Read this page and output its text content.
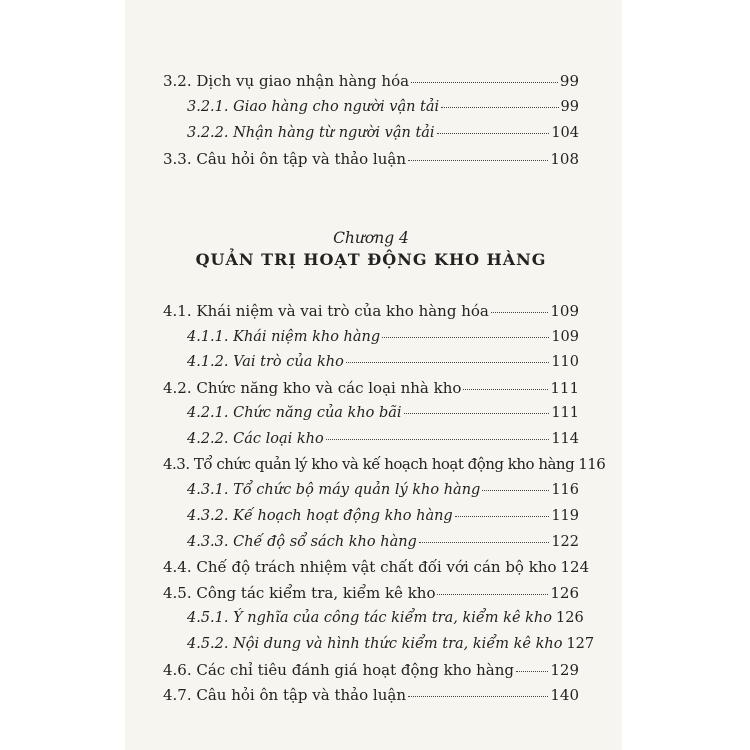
3.2. Dịch vụ giao nhận hàng hóa	99
3.2.1. Giao hàng cho người vận tải	99
3.2.2. Nhận hàng từ người vận tải	104
3.3. Câu hỏi ôn tập và thảo luận	108
Chương 4
QUẢN TRỊ HOẠT ĐỘNG KHO HÀNG
4.1. Khái niệm và vai trò của kho hàng hóa	109
4.1.1. Khái niệm kho hàng	109
4.1.2. Vai trò của kho	110
4.2. Chức năng kho và các loại nhà kho	111
4.2.1. Chức năng của kho bãi	111
4.2.2. Các loại kho	114
4.3. Tổ chức quản lý kho và kế hoạch hoạt động kho hàng 116
4.3.1. Tổ chức bộ máy quản lý kho hàng	116
4.3.2. Kế hoạch hoạt động kho hàng	119
4.3.3. Chế độ sổ sách kho hàng	122
4.4. Chế độ trách nhiệm vật chất đối với cán bộ kho 124
4.5. Công tác kiểm tra, kiểm kê kho	126
4.5.1. Ý nghĩa của công tác kiểm tra, kiểm kê kho 126
4.5.2. Nội dung và hình thức kiểm tra, kiểm kê kho 127
4.6. Các chỉ tiêu đánh giá hoạt động kho hàng 129
4.7. Câu hỏi ôn tập và thảo luận	140
